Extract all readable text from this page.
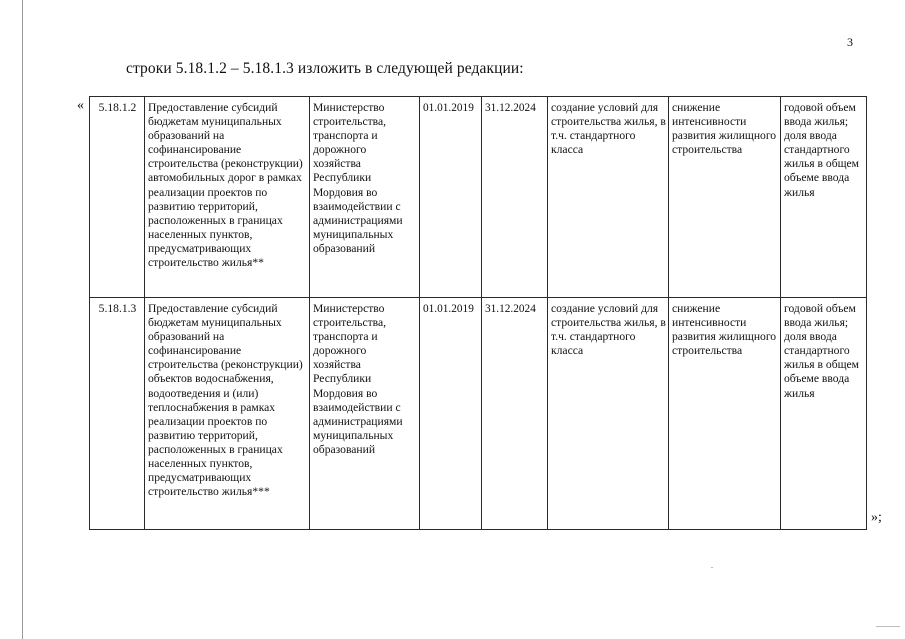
3
строки 5.18.1.2 – 5.18.1.3 изложить в следующей редакции:
« 5.18.1.2	Предоставление субсидий бюджетам муниципальных образований на софинансирование строительства (реконструкции) автомобильных дорог в рамках реализации проектов по развитию территорий, расположенных в границах населенных пунктов, предусматривающих строительство жилья**	Министерство строительства, транспорта и дорожного хозяйства Республики Мордовия во взаимодействии с администрациями муниципальных образований	01.01.2019	31.12.2024	создание условий для строительства жилья, в т.ч. стандартного класса	снижение интенсивности развития жилищного строительства	годовой объем ввода жилья; доля ввода стандартного жилья в общем объеме ввода жилья
5.18.1.3	Предоставление субсидий бюджетам муниципальных образований на софинансирование строительства (реконструкции) объектов водоснабжения, водоотведения и (или) теплоснабжения в рамках реализации проектов по развитию территорий, расположенных в границах населенных пунктов, предусматривающих строительство жилья***	Министерство строительства, транспорта и дорожного хозяйства Республики Мордовия во взаимодействии с администрациями муниципальных образований	01.01.2019	31.12.2024	создание условий для строительства жилья, в т.ч. стандартного класса	снижение интенсивности развития жилищного строительства	годовой объем ввода жилья; доля ввода стандартного жилья в общем объеме ввода жилья
»;
